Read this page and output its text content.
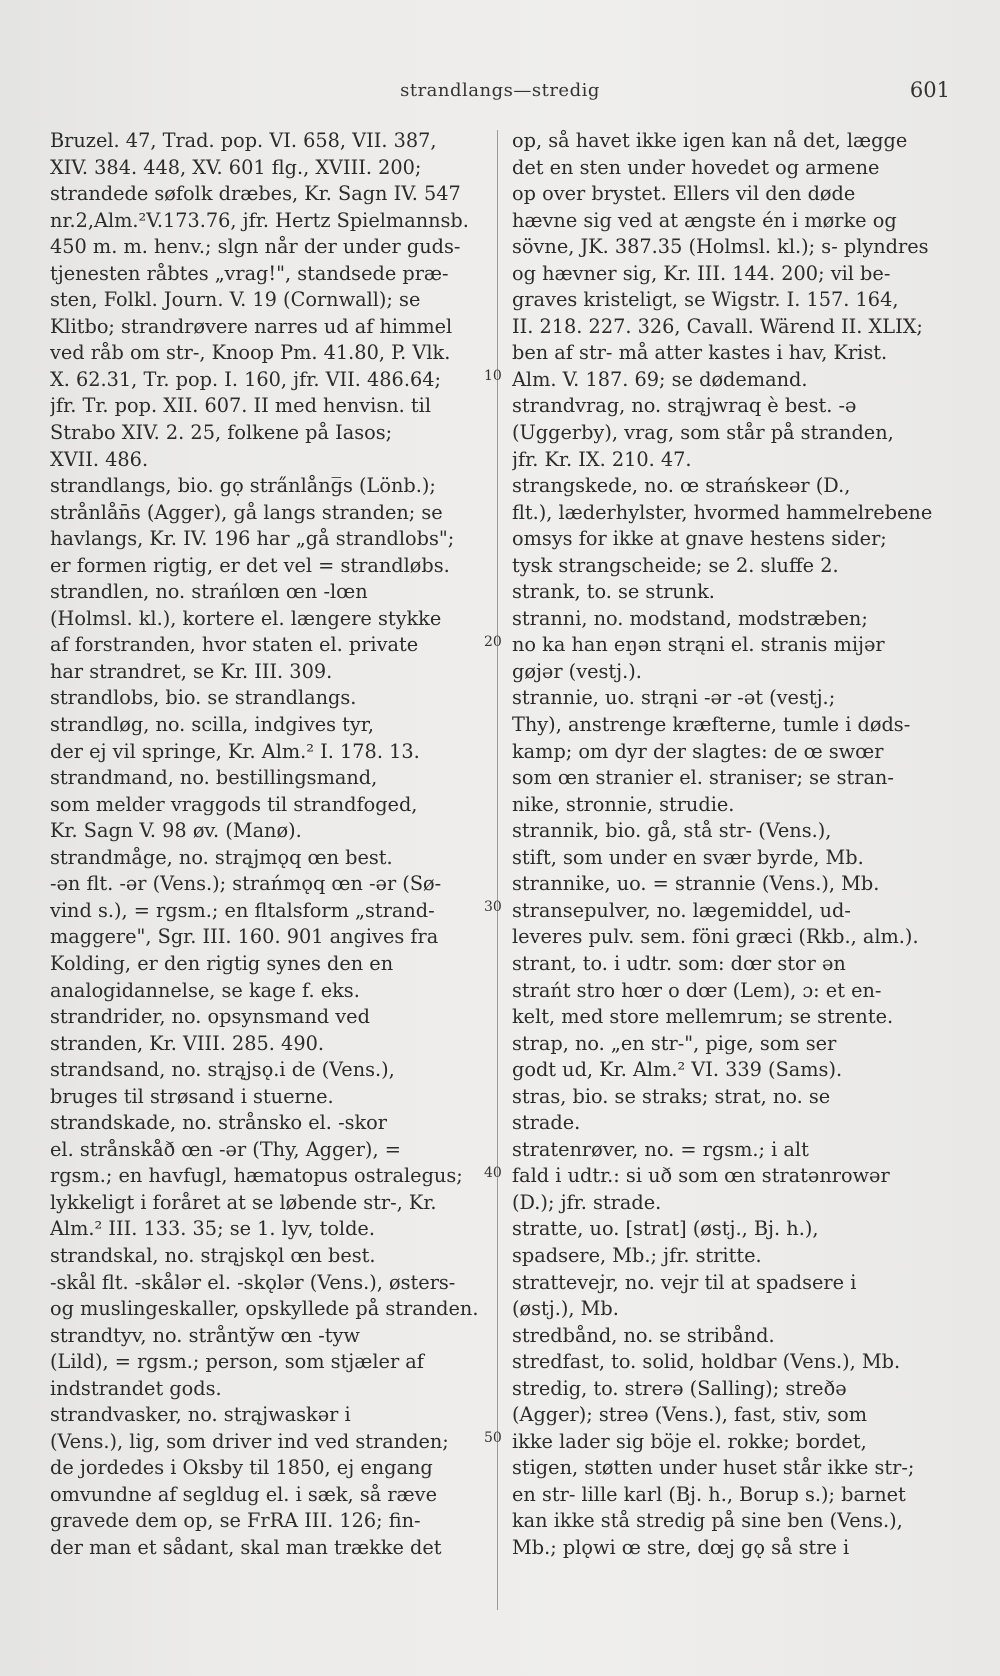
strandlangs—stredig	601
Bruzel. 47, Trad. pop. VI. 658, VII. 387,
XIV. 384. 448, XV. 601 flg., XVIII. 200;
strandede søfolk dræbes, Kr. Sagn IV. 547
nr.2,Alm.²V.173.76, jfr. Hertz Spielmannsb.
450 m. m. henv.; slgn når der under guds-
tjenesten råbtes „vrag!", standsede præ-
sten, Folkl. Journ. V. 19 (Cornwall); se
Klitbo; strandrøvere narres ud af himmel
ved råb om str-, Knoop Pm. 41.80, P. Vlk.
X. 62.31, Tr. pop. I. 160, jfr. VII. 486.64;
jfr. Tr. pop. XII. 607. II med henvisn. til
Strabo XIV. 2. 25, folkene på Iasos;
XVII. 486.
strandlangs, bio. gọ stra̋nlång̅s (Lönb.);
strånlån̄s (Agger), gå langs stranden; se
havlangs, Kr. IV. 196 har „gå strandlobs";
er formen rigtig, er det vel = strandløbs.
strandlen, no. strańlœn œn -lœn
(Holmsl. kl.), kortere el. længere stykke
af forstranden, hvor staten el. private
har strandret, se Kr. III. 309.
strandlobs, bio. se strandlangs.
strandløg, no. scilla, indgives tyr,
der ej vil springe, Kr. Alm.² I. 178. 13.
strandmand, no. bestillingsmand,
som melder vraggods til strandfoged,
Kr. Sagn V. 98 øv. (Manø).
strandmåge, no. strąjmǫq œn best.
-ən flt. -ər (Vens.); strańmǫq œn -ər (Sø-
vind s.), = rgsm.; en fltalsform „strand-
maggere", Sgr. III. 160. 901 angives fra
Kolding, er den rigtig synes den en
analogidannelse, se kage f. eks.
strandrider, no. opsynsmand ved
stranden, Kr. VIII. 285. 490.
strandsand, no. strąjsǫ.i de (Vens.),
bruges til strøsand i stuerne.
strandskade, no. strånsko el. -skor
el. strånskåð œn -ər (Thy, Agger), =
rgsm.; en havfugl, hæmatopus ostralegus;
lykkeligt i foråret at se løbende str-, Kr.
Alm.² III. 133. 35; se 1. lyv, tolde.
strandskal, no. strąjskǫl œn best.
-skål flt. -skålər el. -skǫlər (Vens.), østers-
og muslingeskaller, opskyllede på stranden.
strandtyv, no. strånty̆w œn -tyw
(Lild), = rgsm.; person, som stjæler af
indstrandet gods.
strandvasker, no. strąjwaskər i
(Vens.), lig, som driver ind ved stranden;
de jordedes i Oksby til 1850, ej engang
omvundne af segldug el. i sæk, så ræve
gravede dem op, se FrRA III. 126; fin-
der man et sådant, skal man trække det
op, så havet ikke igen kan nå det, lægge
det en sten under hovedet og armene
op over brystet. Ellers vil den døde
hævne sig ved at ængste én i mørke og
sövne, JK. 387.35 (Holmsl. kl.); s- plyndres
og hævner sig, Kr. III. 144. 200; vil be-
graves kristeligt, se Wigstr. I. 157. 164,
II. 218. 227. 326, Cavall. Wärend II. XLIX;
ben af str- må atter kastes i hav, Krist.
Alm. V. 187. 69; se dødemand.
strandvrag, no. strąjwraq è best. -ə
(Uggerby), vrag, som står på stranden,
jfr. Kr. IX. 210. 47.
strangskede, no. œ strańskeər (D.,
flt.), læderhylster, hvormed hammelrebene
omsys for ikke at gnave hestens sider;
tysk strangscheide; se 2. sluffe 2.
strank, to. se strunk.
stranni, no. modstand, modstræben;
no ka han eŋən strąni el. stranis mijər
gøjər (vestj.).
strannie, uo. strąni -ər -ət (vestj.;
Thy), anstrenge kræfterne, tumle i døds-
kamp; om dyr der slagtes: de œ swœr
som œn stranier el. straniser; se stran-
nike, stronnie, strudie.
strannik, bio. gå, stå str- (Vens.),
stift, som under en svær byrde, Mb.
strannike, uo. = strannie (Vens.), Mb.
stransepulver, no. lægemiddel, ud-
leveres pulv. sem. föni græci (Rkb., alm.).
strant, to. i udtr. som: dœr stor ən
strańt stro hœr o dœr (Lem), ɔ: et en-
kelt, med store mellemrum; se strente.
strap, no. „en str-", pige, som ser
godt ud, Kr. Alm.² VI. 339 (Sams).
stras, bio. se straks; strat, no. se
strade.
stratenrøver, no. = rgsm.; i alt
fald i udtr.: si uð som œn stratənrowər
(D.); jfr. strade.
stratte, uo. [strat] (østj., Bj. h.),
spadsere, Mb.; jfr. stritte.
strattevejr, no. vejr til at spadsere i
(østj.), Mb.
stredbånd, no. se stribånd.
stredfast, to. solid, holdbar (Vens.), Mb.
stredig, to. strerə (Salling); streðə
(Agger); streə (Vens.), fast, stiv, som
ikke lader sig böje el. rokke; bordet,
stigen, støtten under huset står ikke str-;
en str- lille karl (Bj. h., Borup s.); barnet
kan ikke stå stredig på sine ben (Vens.),
Mb.; plǫwi œ stre, dœj gǫ så stre i
10
20
30
40
50
